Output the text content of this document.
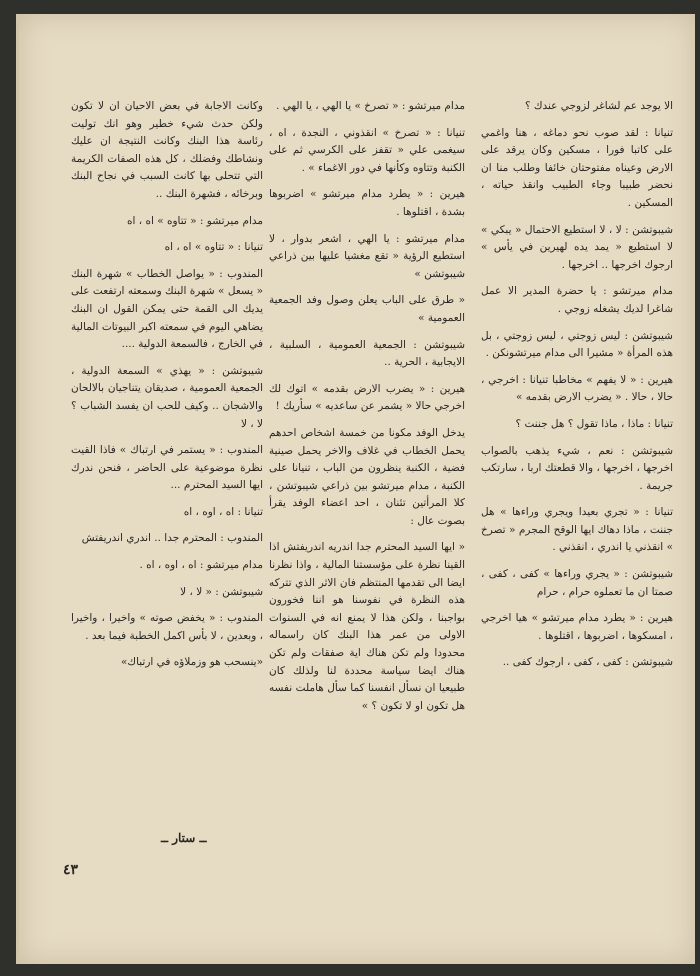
الا يوجد عم لشاغر لزوجي عندك ؟

تنيانا : لقد صوب نحو دماغه ، هنا واغمي على كاتبا فورا ، مسكين وكان يرقد على الارض وعيناه مفتوحتان خائفا وطلب منا ان نحضر طبيبا وجاء الطبيب وانقذ حياته ، المسكين .

شيبوتشن : لا ، لا استطيع الاحتمال « يبكي » لا استطيع « يمد يده لهيرين في يأس » ارجوك اخرجها .. اخرجها .

مدام ميرتشو : يا حضرة المدير الا عمل شاغرا لديك يشغله زوجي .

شيبوتشن : ليس زوجتي ، ليس زوجتي ، بل هذه المرأة « مشيرا الى مدام ميرتشونكن .

هيرين : « لا يفهم » مخاطبا تنيانا : اخرجي ، حالا ، حالا . « يضرب الارض بقدمه »

تنيانا : ماذا ، ماذا تقول ؟ هل جننت ؟

شيبوتشن : نعم ، شيء يذهب بالصواب اخرجها ، اخرجها ، والا قطعتك اربا ، سارتكب جريمة .

تنيانا : « تجري بعيدا ويجري وراءها » هل جننت ، ماذا دهاك ايها الوقح المجرم « تصرخ » انقذني يا اندري ، انقذني .

شيبوتشن : « يجري وراءها » كفى ، كفى ، صمتا ان ما تعملوه حرام ، حرام

هيرين : « يطرد مدام ميرتشو » هيا اخرجي ، امسكوها ، اضربوها ، اقتلوها .

شيبوتشن : كفى ، كفى ، ارجوك كفى ..

مدام ميرتشو : « تصرخ » يا الهي ، يا الهي .

تنيانا : « تصرخ » انقذوني ، النجدة ، اه ، سيغمى علي « تقفز على الكرسي ثم على الكنبة وتتاوه وكأنها في دور الاغماء » .

هيرين : « يطرد مدام ميرتشو » اضربوها بشدة ، اقتلوها .

مدام ميرتشو : يا الهي ، اشعر بدوار ، لا استطيع الرؤية « تقع مغشيا عليها بين ذراعي شيبوتشن »

« طرق على الباب يعلن وصول وفد الجمعية العمومية »

شيبوتشن : الجمعية العمومية ، السلبية ، الايجابية ، الحرية ..

هيرين : « يضرب الارض بقدمه » اتوك لك اخرجي حالا « يشمر عن ساعديه » سأريك !

يدخل الوفد مكونا من خمسة اشخاص احدهم يحمل الخطاب في غلاف والاخر يحمل صينية فضية ، الكنبة ينظرون من الباب ، تنيانا على الكنبة ، مدام ميرتشو بين ذراعي شيبوتشن ، كلا المرأتين تئنان ، احد اعضاء الوفد يقرأ بصوت عال :

« ايها السيد المحترم جدا اندريه اندريفتش اذا القينا نظرة على مؤسستنا المالية ، واذا نظرنا ايضا الى تقدمها المنتظم فان الاثر الذي تتركه هذه النظرة في نفوسنا هو اننا فخورون بواجبنا ، ولكن هذا لا يمنع انه في السنوات الاولى من عمر هذا البنك كان راسماله محدودا ولم تكن هناك اية صفقات ولم تكن هناك ايضا سياسة محددة لنا ولذلك كان طبيعيا ان نسأل انفسنا كما سأل هاملت نفسه هل تكون او لا تكون ؟ »

وكانت الاجابة في بعض الاحيان ان لا تكون ولكن حدث شيء خطير وهو انك توليت رئاسة هذا البنك وكانت النتيجة ان عليك ونشاطك وفضلك ، كل هذه الصفات الكريمة التي تتحلى بها كانت السبب في نجاح البنك وبرخائه ، فشهرة البنك ..

مدام ميرتشو : « تتاوه » اه ، اه

تنيانا : « تتاوه » اه ، اه

المندوب : « يواصل الخطاب » شهرة البنك « يسعل » شهرة البنك وسمعته ارتفعت على يديك الى القمة حتى يمكن القول ان البنك يضاهي اليوم في سمعته اكبر البيوتات المالية في الخارج ، فالسمعة الدولية ....

شيبوتشن : « يهذي » السمعة الدولية ، الجمعية العمومية ، صديقان يتناجيان بالالحان والاشجان .. وكيف للحب ان يفسد الشباب ؟ لا ، لا

المندوب : « يستمر في ارتباك » فاذا القيت نظرة موضوعية على الحاضر ، فنحن ندرك ايها السيد المحترم ...

تنيانا : اه ، اوه ، اه

المندوب : المحترم جدا .. اندري اندريفتش

مدام ميرتشو : اه ، اوه ، اه .

شيبوتشن : « لا ، لا

المندوب : « يخفض صوته » واخيرا ، واخيرا ، وبعدين ، لا بأس اكمل الخطبة فيما بعد .

«ينسحب هو وزملاؤه في ارتباك»

ــ ستار ــ
٤٣
